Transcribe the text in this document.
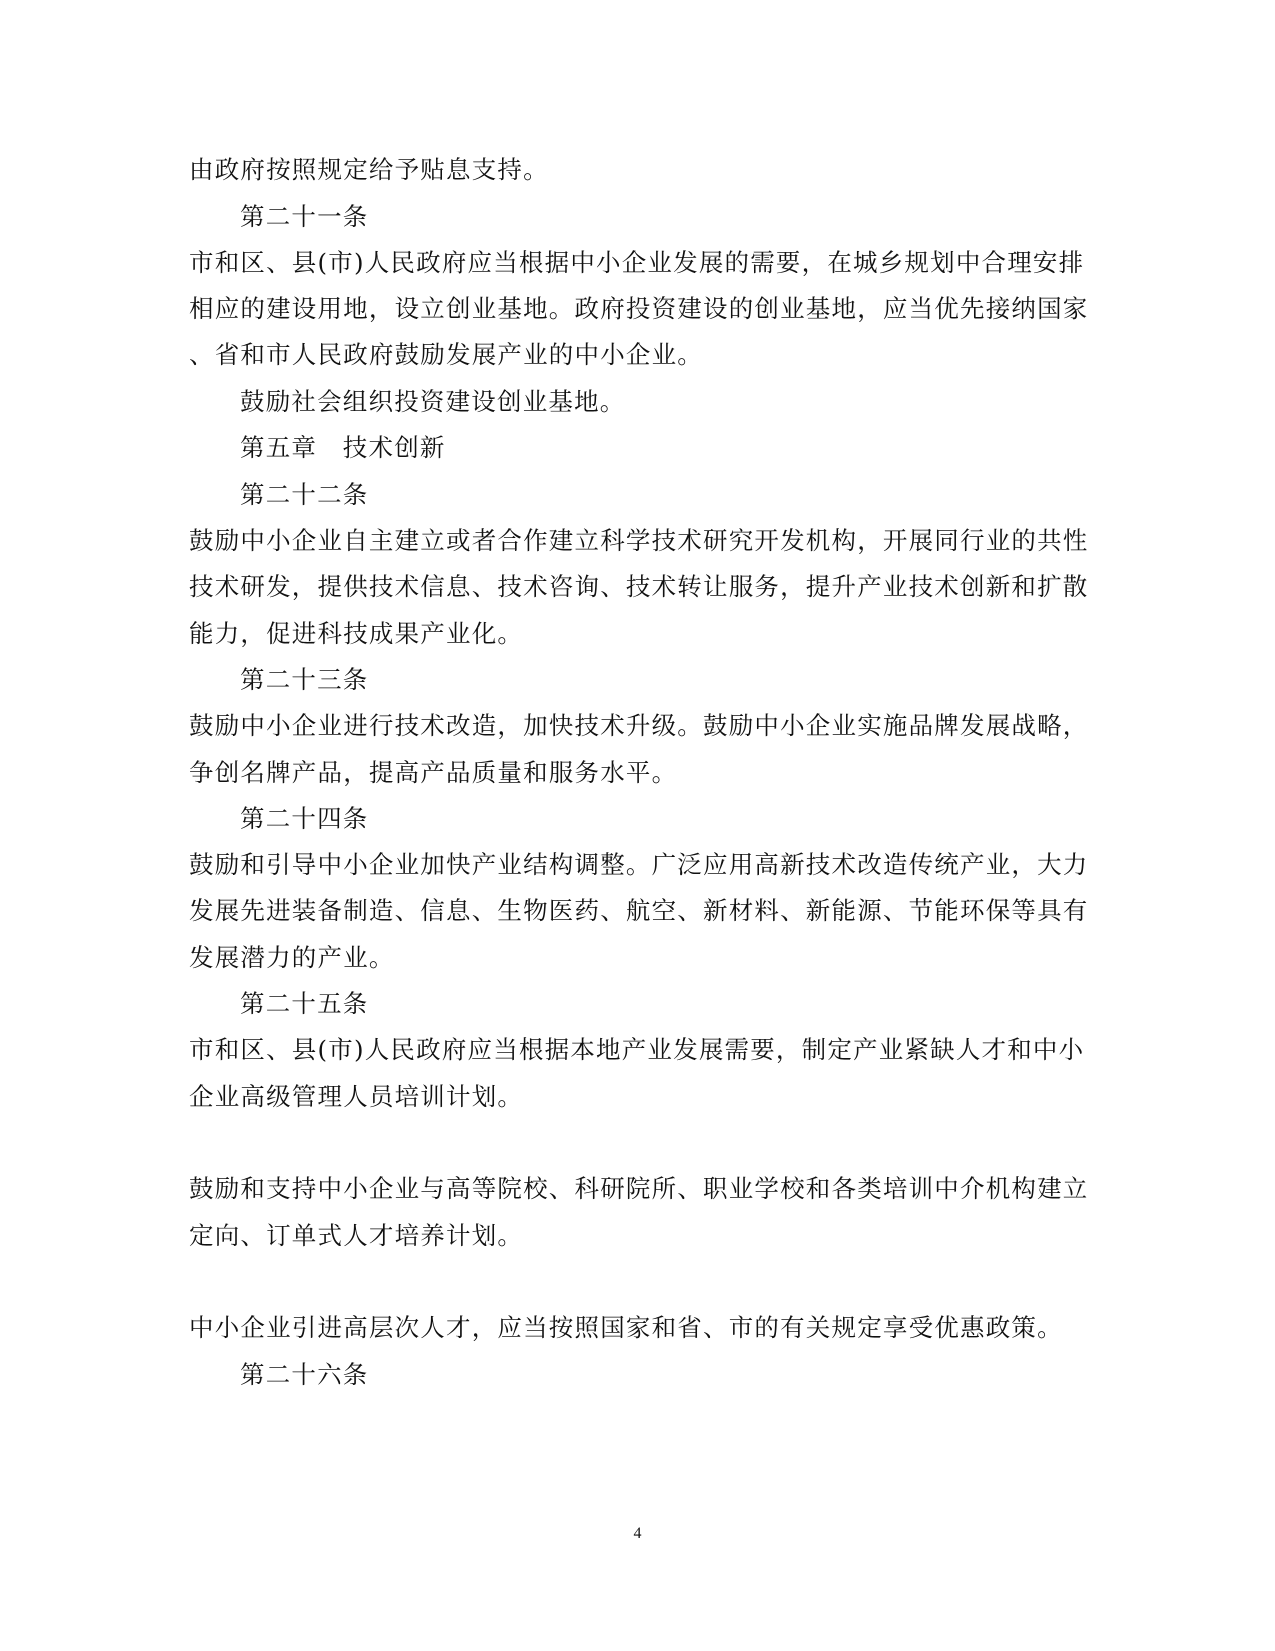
由政府按照规定给予贴息支持。
第二十一条
市和区、县(市)人民政府应当根据中小企业发展的需要，在城乡规划中合理安排
相应的建设用地，设立创业基地。政府投资建设的创业基地，应当优先接纳国家
、省和市人民政府鼓励发展产业的中小企业。
鼓励社会组织投资建设创业基地。
第五章　技术创新
第二十二条
鼓励中小企业自主建立或者合作建立科学技术研究开发机构，开展同行业的共性
技术研发，提供技术信息、技术咨询、技术转让服务，提升产业技术创新和扩散
能力，促进科技成果产业化。
第二十三条
鼓励中小企业进行技术改造，加快技术升级。鼓励中小企业实施品牌发展战略，
争创名牌产品，提高产品质量和服务水平。
第二十四条
鼓励和引导中小企业加快产业结构调整。广泛应用高新技术改造传统产业，大力
发展先进装备制造、信息、生物医药、航空、新材料、新能源、节能环保等具有
发展潜力的产业。
第二十五条
市和区、县(市)人民政府应当根据本地产业发展需要，制定产业紧缺人才和中小
企业高级管理人员培训计划。
鼓励和支持中小企业与高等院校、科研院所、职业学校和各类培训中介机构建立
定向、订单式人才培养计划。
中小企业引进高层次人才，应当按照国家和省、市的有关规定享受优惠政策。
第二十六条
4
